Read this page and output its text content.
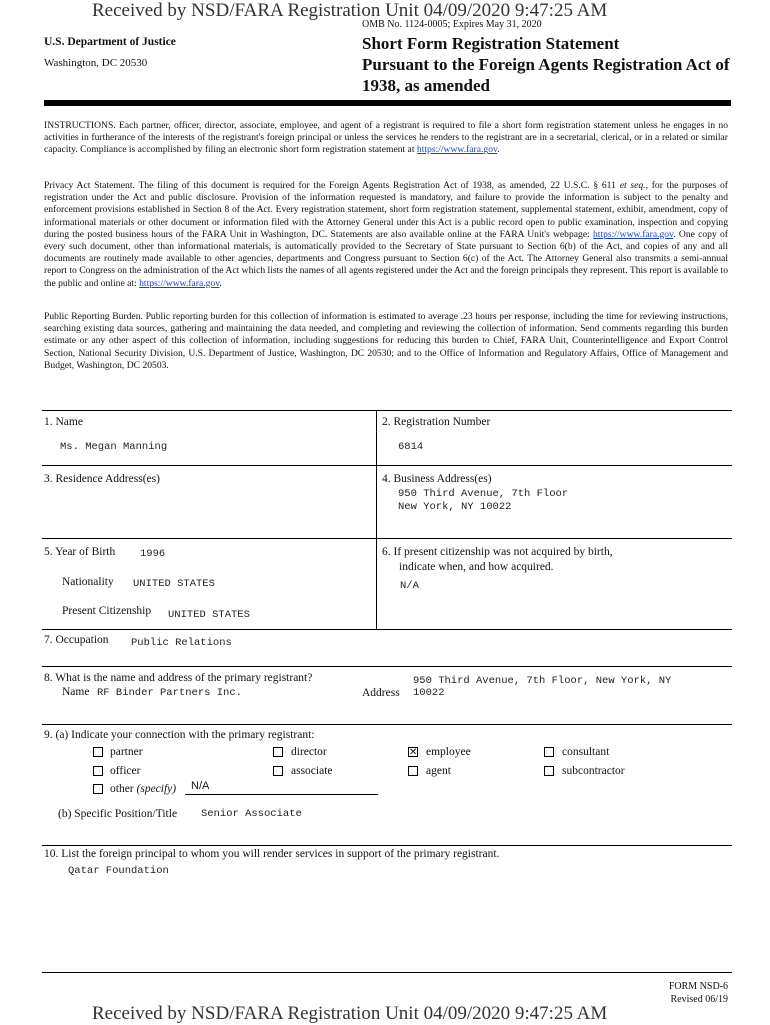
Received by NSD/FARA Registration Unit 04/09/2020 9:47:25 AM
OMB No. 1124-0005; Expires May 31, 2020
U.S. Department of Justice
Washington, DC 20530
Short Form Registration Statement
Pursuant to the Foreign Agents Registration Act of
1938, as amended
INSTRUCTIONS. Each partner, officer, director, associate, employee, and agent of a registrant is required to file a short form registration statement unless he engages in no activities in furtherance of the interests of the registrant's foreign principal or unless the services he renders to the registrant are in a secretarial, clerical, or in a related or similar capacity. Compliance is accomplished by filing an electronic short form registration statement at https://www.fara.gov.
Privacy Act Statement. The filing of this document is required for the Foreign Agents Registration Act of 1938, as amended, 22 U.S.C. § 611 et seq., for the purposes of registration under the Act and public disclosure. Provision of the information requested is mandatory, and failure to provide the information is subject to the penalty and enforcement provisions established in Section 8 of the Act. Every registration statement, short form registration statement, supplemental statement, exhibit, amendment, copy of informational materials or other document or information filed with the Attorney General under this Act is a public record open to public examination, inspection and copying during the posted business hours of the FARA Unit in Washington, DC. Statements are also available online at the FARA Unit's webpage: https://www.fara.gov. One copy of every such document, other than informational materials, is automatically provided to the Secretary of State pursuant to Section 6(b) of the Act, and copies of any and all documents are routinely made available to other agencies, departments and Congress pursuant to Section 6(c) of the Act. The Attorney General also transmits a semi-annual report to Congress on the administration of the Act which lists the names of all agents registered under the Act and the foreign principals they represent. This report is available to the public and online at: https://www.fara.gov.
Public Reporting Burden. Public reporting burden for this collection of information is estimated to average .23 hours per response, including the time for reviewing instructions, searching existing data sources, gathering and maintaining the data needed, and completing and reviewing the collection of information. Send comments regarding this burden estimate or any other aspect of this collection of information, including suggestions for reducing this burden to Chief, FARA Unit, Counterintelligence and Export Control Section, National Security Division, U.S. Department of Justice, Washington, DC 20530; and to the Office of Information and Regulatory Affairs, Office of Management and Budget, Washington, DC 20503.
1. Name
Ms. Megan Manning
2. Registration Number
6814
3. Residence Address(es)	4. Business Address(es)
950 Third Avenue, 7th Floor
New York, NY 10022
5. Year of Birth 1996
Nationality UNITED STATES
Present Citizenship UNITED STATES
6. If present citizenship was not acquired by birth,
indicate when, and how acquired.
N/A
7. Occupation Public Relations
8. What is the name and address of the primary registrant?
Name RF Binder Partners Inc.	Address
950 Third Avenue, 7th Floor, New York, NY
10022
9. (a) Indicate your connection with the primary registrant:
partner
officer
other (specify) N/A
director
associate
✕ employee
agent
consultant
subcontractor
(b) Specific Position/Title Senior Associate
10. List the foreign principal to whom you will render services in support of the primary registrant.
Qatar Foundation
FORM NSD-6
Revised 06/19
Received by NSD/FARA Registration Unit 04/09/2020 9:47:25 AM
